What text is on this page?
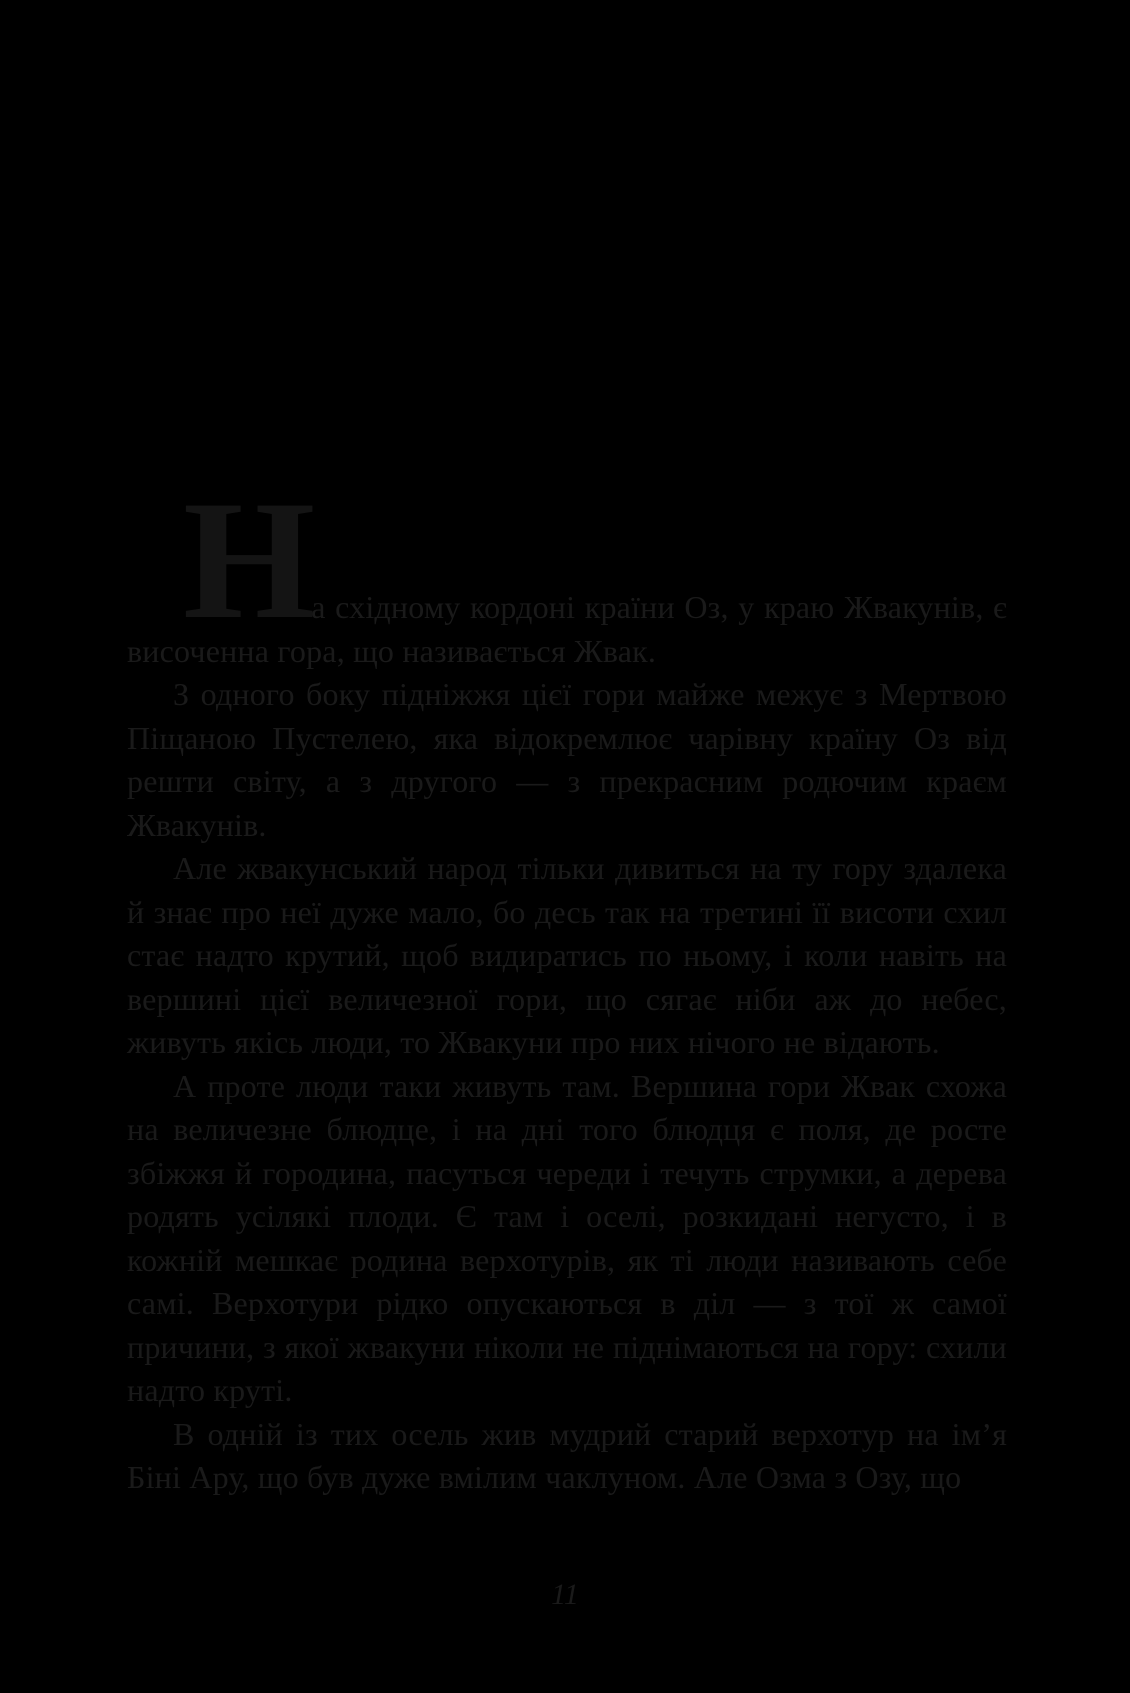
На східному кордоні країни Оз, у краю Жвакунів, є височенна гора, що називається Жвак.

З одного боку підніжжя цієї гори майже межує з Мертвою Піщаною Пустелею, яка відокремлює чарівну країну Оз від решти світу, а з другого — з прекрасним родючим краєм Жвакунів.

Але жвакунський народ тільки дивиться на ту гору здалека й знає про неї дуже мало, бо десь так на третині її висоти схил стає надто крутий, щоб видиратись по ньому, і коли навіть на вершині цієї величезної гори, що сягає ніби аж до небес, живуть якісь люди, то Жвакуни про них нічого не відають.

А проте люди таки живуть там. Вершина гори Жвак схожа на величезне блюдце, і на дні того блюдця є поля, де росте збіжжя й городина, пасуться череди і течуть струмки, а дерева родять усілякі плоди. Є там і оселі, розкидані негусто, і в кожній мешкає родина верхотурів, як ті люди називають себе самі. Верхотури рідко опускаються в діл — з тої ж самої причини, з якої жвакуни ніколи не піднімаються на гору: схили надто круті.

В одній із тих осель жив мудрий старий верхотур на ім’я Біні Ару, що був дуже вмілим чаклуном. Але Озма з Озу, що

11
